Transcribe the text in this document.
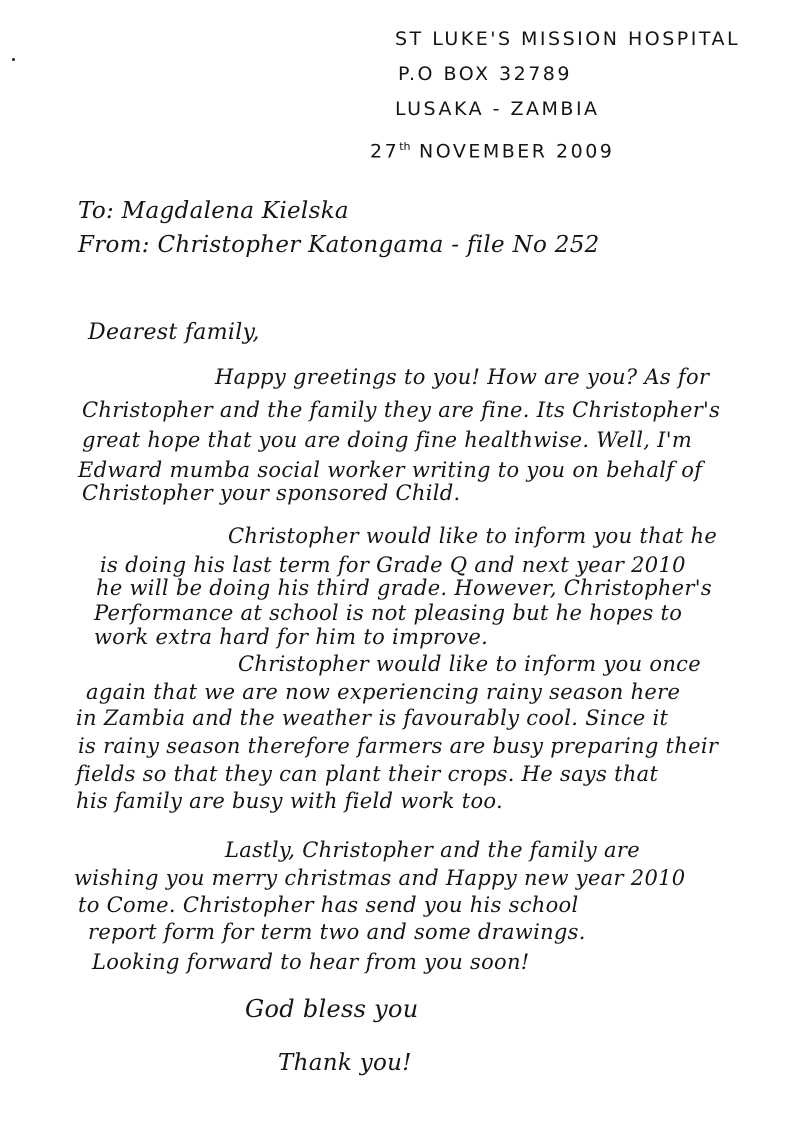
ST LUKE'S MISSION HOSPITAL
P.O BOX 32789
LUSAKA - ZAMBIA
27th NOVEMBER 2009
To: Magdalena Kielska
From: Christopher Katongama - file No 252
Dearest family,
Happy greetings to you! How are you? As for
Christopher and the family they are fine. Its Christopher's
great hope that you are doing fine healthwise. Well, I'm
Edward mumba social worker writing to you on behalf of
Christopher your sponsored Child.
Christopher would like to inform you that he
is doing his last term for Grade Q and next year 2010
he will be doing his third grade. However, Christopher's
Performance at school is not pleasing but he hopes to
work extra hard for him to improve.
Christopher would like to inform you once
again that we are now experiencing rainy season here
in Zambia and the weather is favourably cool. Since it
is rainy season therefore farmers are busy preparing their
fields so that they can plant their crops. He says that
his family are busy with field work too.
Lastly, Christopher and the family are
wishing you merry christmas and Happy new year 2010
to Come. Christopher has send you his school
report form for term two and some drawings.
Looking forward to hear from you soon!
God bless you
Thank you!
